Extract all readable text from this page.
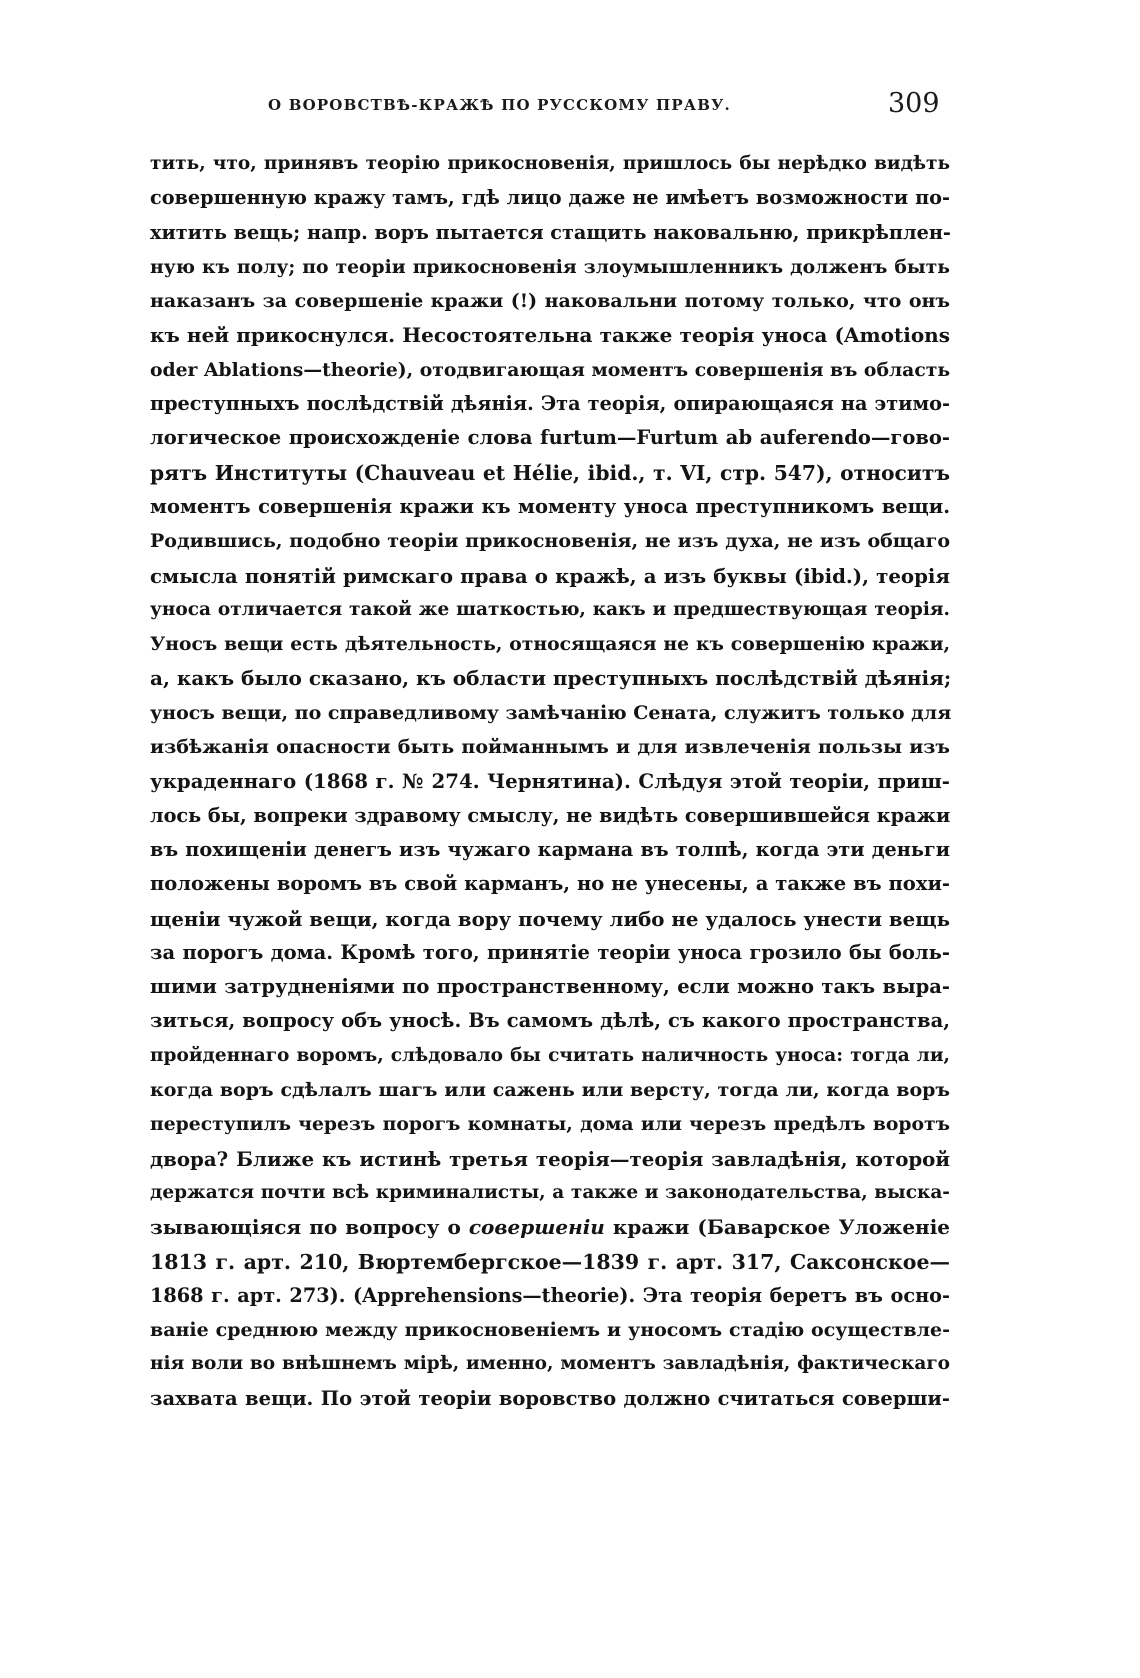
О ВОРОВСТВѢ-КРАЖѢ ПО РУССКОМУ ПРАВУ.	309
тить, что, принявъ теорію прикосновенія, пришлось бы нерѣдко видѣть
совершенную кражу тамъ, гдѣ лицо даже не имѣетъ возможности по-
хитить вещь; напр. воръ пытается стащить наковальню, прикрѣплен-
ную къ полу; по теоріи прикосновенія злоумышленникъ долженъ быть
наказанъ за совершеніе кражи (!) наковальни потому только, что онъ
къ ней прикоснулся. Несостоятельна также теорія уноса (Amotions
oder Ablations—theorie), отодвигающая моментъ совершенія въ область
преступныхъ послѣдствій дѣянія. Эта теорія, опирающаяся на этимо-
логическое происхожденіе слова furtum—Furtum ab auferendo—гово-
рятъ Институты (Chauveau et Hélie, ibid., т. VI, стр. 547), относитъ
моментъ совершенія кражи къ моменту уноса преступникомъ вещи.
Родившись, подобно теоріи прикосновенія, не изъ духа, не изъ общаго
смысла понятій римскаго права о кражѣ, а изъ буквы (ibid.), теорія
уноса отличается такой же шаткостью, какъ и предшествующая теорія.
Уносъ вещи есть дѣятельность, относящаяся не къ совершенію кражи,
а, какъ было сказано, къ области преступныхъ послѣдствій дѣянія;
уносъ вещи, по справедливому замѣчанію Сената, служитъ только для
избѣжанія опасности быть пойманнымъ и для извлеченія пользы изъ
украденнаго (1868 г. № 274. Чернятина). Слѣдуя этой теоріи, приш-
лось бы, вопреки здравому смыслу, не видѣть совершившейся кражи
въ похищеніи денегъ изъ чужаго кармана въ толпѣ, когда эти деньги
положены воромъ въ свой карманъ, но не унесены, а также въ похи-
щеніи чужой вещи, когда вору почему либо не удалось унести вещь
за порогъ дома. Кромѣ того, принятіе теоріи уноса грозило бы боль-
шими затрудненіями по пространственному, если можно такъ выра-
зиться, вопросу объ уносѣ. Въ самомъ дѣлѣ, съ какого пространства,
пройденнаго воромъ, слѣдовало бы считать наличность уноса: тогда ли,
когда воръ сдѣлалъ шагъ или сажень или версту, тогда ли, когда воръ
переступилъ черезъ порогъ комнаты, дома или черезъ предѣлъ воротъ
двора? Ближе къ истинѣ третья теорія—теорія завладѣнія, которой
держатся почти всѣ криминалисты, а также и законодательства, выска-
зывающіяся по вопросу о совершеніи кражи (Баварское Уложеніе
1813 г. арт. 210, Вюртембергское—1839 г. арт. 317, Саксонское—
1868 г. арт. 273). (Apprehensions—theorie). Эта теорія беретъ въ осно-
ваніе среднюю между прикосновеніемъ и уносомъ стадію осуществле-
нія воли во внѣшнемъ мірѣ, именно, моментъ завладѣнія, фактическаго
захвата вещи. По этой теоріи воровство должно считаться соверши-
